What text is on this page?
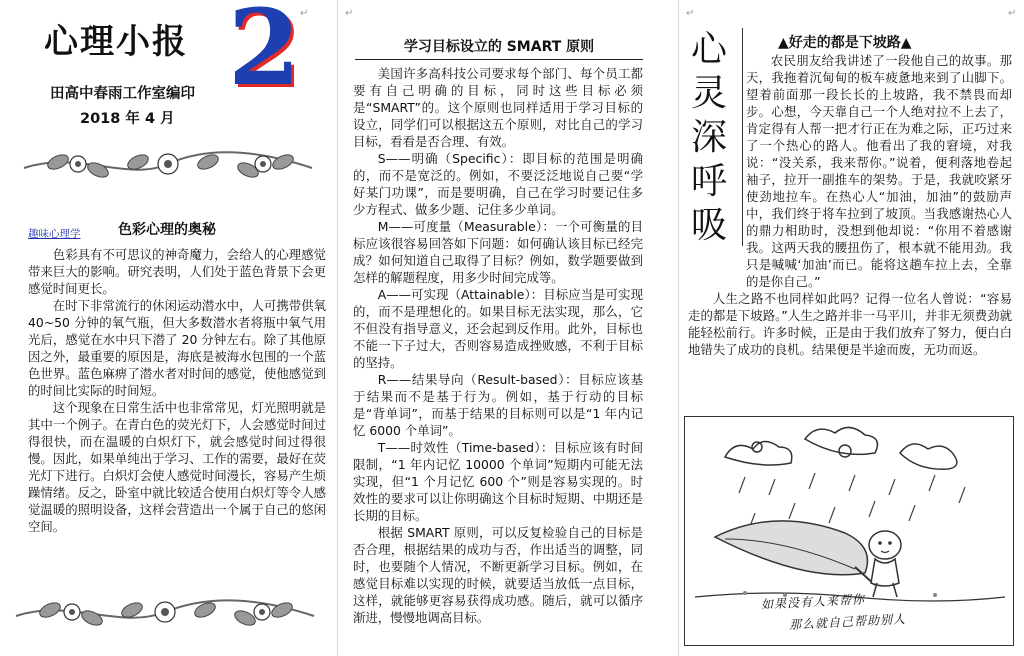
↵	↵	↵	↵
心理小报 2
田高中春雨工作室编印
2018 年 4 月
趣味心理学	色彩心理的奥秘

色彩具有不可思议的神奇魔力，会给人的心理感觉带来巨大的影响。研究表明，人们处于蓝色背景下会更感觉时间更长。

在时下非常流行的休闲运动潜水中，人可携带供氧 40~50 分钟的氧气瓶，但大多数潜水者将瓶中氧气用光后，感觉在水中只下潜了 20 分钟左右。除了其他原因之外，最重要的原因是，海底是被海水包围的一个蓝色世界。蓝色麻痹了潜水者对时间的感觉，使他感觉到的时间比实际的时间短。

这个现象在日常生活中也非常常见，灯光照明就是其中一个例子。在青白色的荧光灯下，人会感觉时间过得很快，而在温暖的白炽灯下，就会感觉时间过得很慢。因此，如果单纯出于学习、工作的需要，最好在荧光灯下进行。白炽灯会使人感觉时间漫长，容易产生烦躁情绪。反之，卧室中就比较适合使用白炽灯等令人感觉温暖的照明设备，这样会营造出一个属于自己的悠闲空间。

学习目标设立的 SMART 原则

美国许多高科技公司要求每个部门、每个员工都要有自己明确的目标，同时这些目标必须是“SMART”的。这个原则也同样适用于学习目标的设立，同学们可以根据这五个原则，对比自己的学习目标，看看是否合理、有效。

S——明确（Specific）：即目标的范围是明确的，而不是宽泛的。例如，不要泛泛地说自己要“学好某门功课”，而是要明确，自己在学习时要记住多少方程式、做多少题、记住多少单词。

M——可度量（Measurable）：一个可衡量的目标应该很容易回答如下问题：如何确认该目标已经完成？如何知道自己取得了目标？例如，数学题要做到怎样的解题程度，用多少时间完成等。

A——可实现（Attainable）：目标应当是可实现的，而不是理想化的。如果目标无法实现，那么，它不但没有指导意义，还会起到反作用。此外，目标也不能一下子过大，否则容易造成挫败感，不利于目标的坚持。

R——结果导向（Result-based）：目标应该基于结果而不是基于行为。例如，基于行动的目标是“背单词”，而基于结果的目标则可以是“1 年内记忆 6000 个单词”。

T——时效性（Time-based）：目标应该有时间限制，“1 年内记忆 10000 个单词”短期内可能无法实现，但“1 个月记忆 600 个”则是容易实现的。时效性的要求可以让你明确这个目标时短期、中期还是长期的目标。

根据 SMART 原则，可以反复检验自己的目标是否合理，根据结果的成功与否，作出适当的调整，同时，也要随个人情况，不断更新学习目标。例如，在感觉目标难以实现的时候，就要适当放低一点目标，这样，就能够更容易获得成功感。随后，就可以循序渐进，慢慢地调高目标。

心灵深呼吸
▲好走的都是下坡路▲

农民朋友给我讲述了一段他自己的故事。那天，我拖着沉甸甸的板车疲惫地来到了山脚下。望着前面那一段长长的上坡路，我不禁畏而却步。心想，今天靠自己一个人绝对拉不上去了，肯定得有人帮一把才行正在为难之际，正巧过来了一个热心的路人。他看出了我的窘境，对我说：“没关系，我来帮你。”说着，便利落地卷起袖子，拉开一副推车的架势。于是，我就咬紧牙使劲地拉车。在热心人“加油，加油”的鼓励声中，我们终于将车拉到了坡顶。当我感谢热心人的鼎力相助时，没想到他却说：“你用不着感谢我。这两天我的腰扭伤了，根本就不能用劲。我只是喊喊‘加油’而已。能将这趟车拉上去，全靠的是你自己。”

人生之路不也同样如此吗？记得一位名人曾说：“容易走的都是下坡路。”人生之路并非一马平川，并非无须费劲就能轻松前行。许多时候，正是由于我们放弃了努力，便白白地错失了成功的良机。结果便是半途而废，无功而返。

如果没有人来帮你
那么就自己帮助别人
